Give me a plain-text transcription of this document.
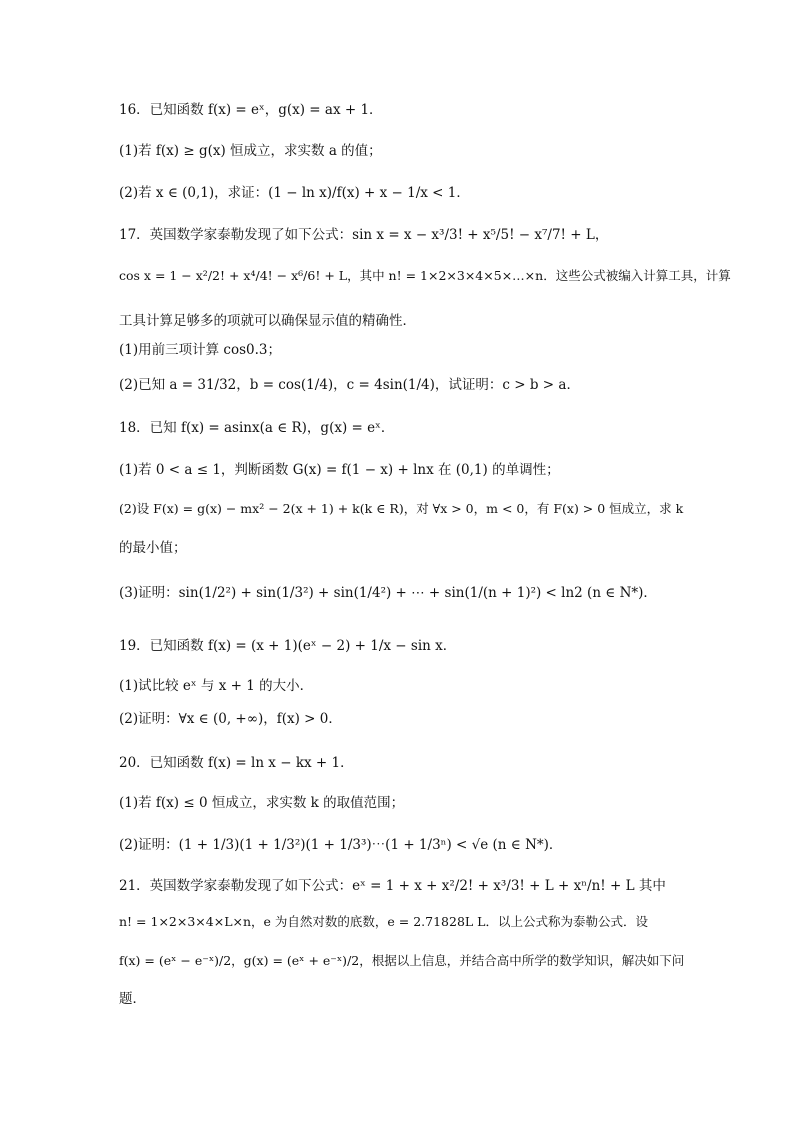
16．已知函数 f(x) = eˣ，g(x) = ax + 1．
(1)若 f(x) ≥ g(x) 恒成立，求实数 a 的值；
(2)若 x ∈ (0,1)，求证：(1 − ln x)/f(x) + x − 1/x < 1．
17．英国数学家泰勒发现了如下公式：sin x = x − x³/3! + x⁵/5! − x⁷/7! + L，
cos x = 1 − x²/2! + x⁴/4! − x⁶/6! + L，其中 n! = 1×2×3×4×5×…×n．这些公式被编入计算工具，计算
工具计算足够多的项就可以确保显示值的精确性．
(1)用前三项计算 cos0.3；
(2)已知 a = 31/32，b = cos(1/4)，c = 4sin(1/4)，试证明：c > b > a．
18．已知 f(x) = asinx(a ∈ R)，g(x) = eˣ．
(1)若 0 < a ≤ 1，判断函数 G(x) = f(1 − x) + lnx 在 (0,1) 的单调性；
(2)设 F(x) = g(x) − mx² − 2(x + 1) + k(k ∈ R)，对 ∀x > 0，m < 0，有 F(x) > 0 恒成立，求 k
的最小值；
(3)证明：sin(1/2²) + sin(1/3²) + sin(1/4²) + ⋯ + sin(1/(n + 1)²) < ln2 (n ∈ N*)．
19．已知函数 f(x) = (x + 1)(eˣ − 2) + 1/x − sin x．
(1)试比较 eˣ 与 x + 1 的大小．
(2)证明：∀x ∈ (0, +∞)，f(x) > 0．
20．已知函数 f(x) = ln x − kx + 1．
(1)若 f(x) ≤ 0 恒成立，求实数 k 的取值范围；
(2)证明：(1 + 1/3)(1 + 1/3²)(1 + 1/3³)⋯(1 + 1/3ⁿ) < √e (n ∈ N*)．
21．英国数学家泰勒发现了如下公式：eˣ = 1 + x + x²/2! + x³/3! + L + xⁿ/n! + L 其中
n! = 1×2×3×4×L×n，e 为自然对数的底数，e = 2.71828L L．以上公式称为泰勒公式．设
f(x) = (eˣ − e⁻ˣ)/2，g(x) = (eˣ + e⁻ˣ)/2，根据以上信息，并结合高中所学的数学知识，解决如下问
题．
